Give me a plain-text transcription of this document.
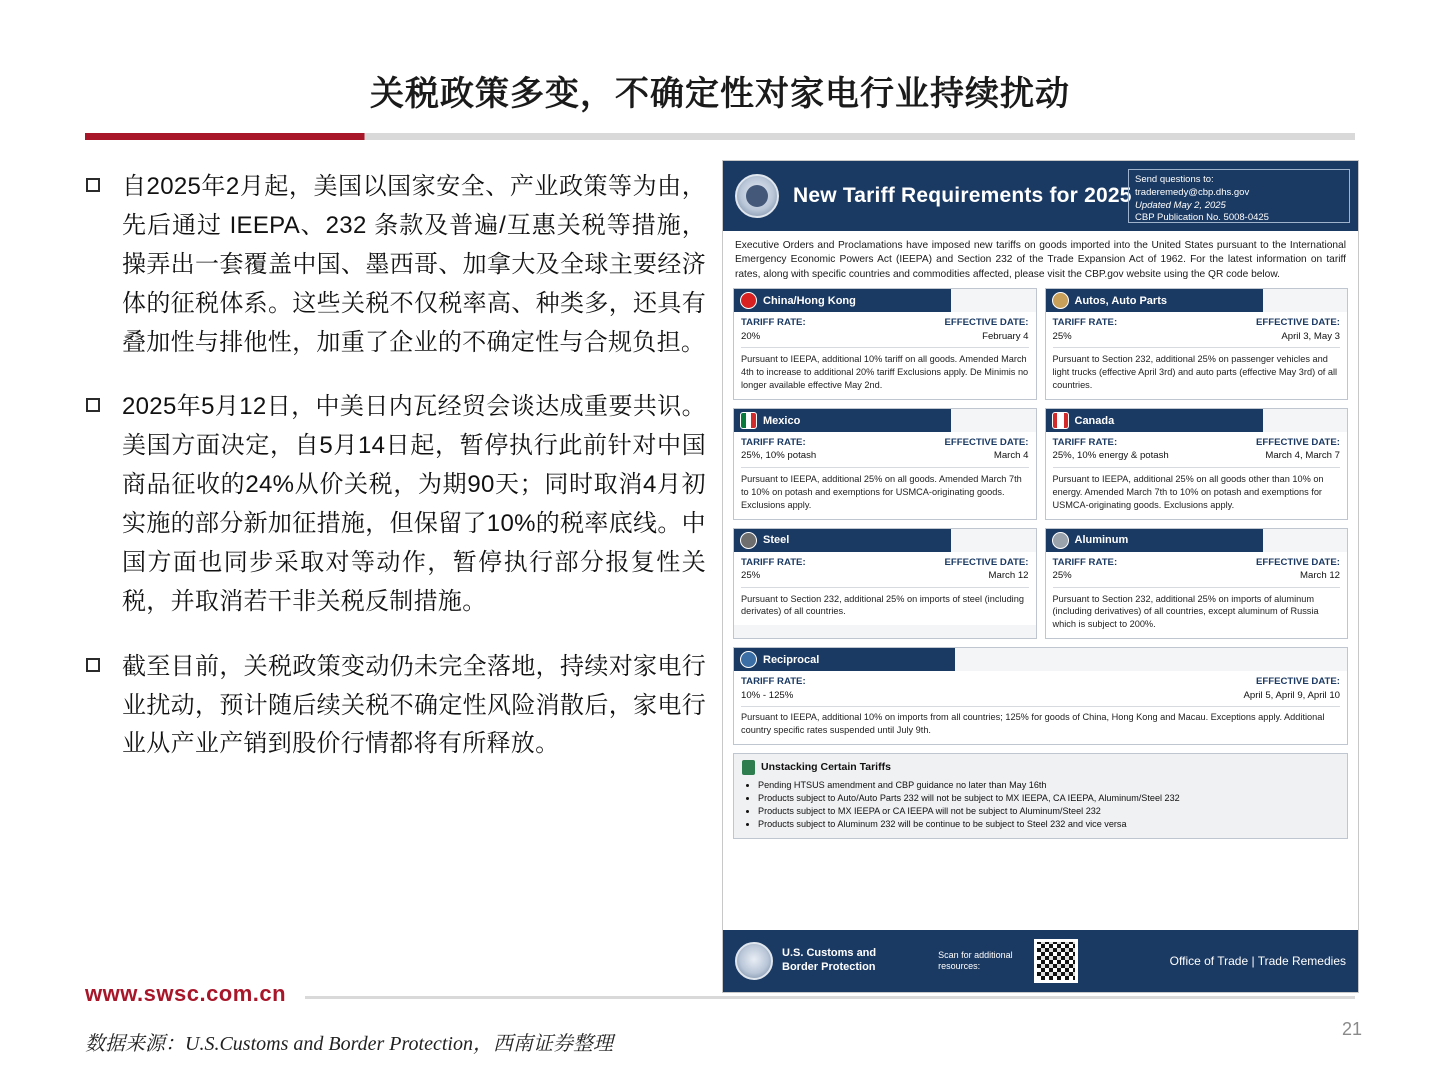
关税政策多变，不确定性对家电行业持续扰动
自2025年2月起，美国以国家安全、产业政策等为由，先后通过 IEEPA、232 条款及普遍/互惠关税等措施，操弄出一套覆盖中国、墨西哥、加拿大及全球主要经济体的征税体系。这些关税不仅税率高、种类多，还具有叠加性与排他性，加重了企业的不确定性与合规负担。
2025年5月12日，中美日内瓦经贸会谈达成重要共识。美国方面决定，自5月14日起，暂停执行此前针对中国商品征收的24%从价关税，为期90天；同时取消4月初实施的部分新加征措施，但保留了10%的税率底线。中国方面也同步采取对等动作，暂停执行部分报复性关税，并取消若干非关税反制措施。
截至目前，关税政策变动仍未完全落地，持续对家电行业扰动，预计随后续关税不确定性风险消散后，家电行业从产业产销到股价行情都将有所释放。
New Tariff Requirements for 2025
Send questions to:
traderemedy@cbp.dhs.gov
Updated May 2, 2025
CBP Publication No. 5008-0425
Executive Orders and Proclamations have imposed new tariffs on goods imported into the United States pursuant to the International Emergency Economic Powers Act (IEEPA) and Section 232 of the Trade Expansion Act of 1962. For the latest information on tariff rates, along with specific countries and commodities affected, please visit the CBP.gov website using the QR code below.
China/Hong Kong
TARIFF RATE:
20%
EFFECTIVE DATE:
February 4
Pursuant to IEEPA, additional 10% tariff on all goods. Amended March 4th to increase to additional 20% tariff Exclusions apply. De Minimis no longer available effective May 2nd.
Autos, Auto Parts
TARIFF RATE:
25%
EFFECTIVE DATE:
April 3, May 3
Pursuant to Section 232, additional 25% on passenger vehicles and light trucks (effective April 3rd) and auto parts (effective May 3rd) of all countries.
Mexico
TARIFF RATE:
25%, 10% potash
EFFECTIVE DATE:
March 4
Pursuant to IEEPA, additional 25% on all goods. Amended March 7th to 10% on potash and exemptions for USMCA-originating goods. Exclusions apply.
Canada
TARIFF RATE:
25%, 10% energy & potash
EFFECTIVE DATE:
March 4, March 7
Pursuant to IEEPA, additional 25% on all goods other than 10% on energy. Amended March 7th to 10% on potash and exemptions for USMCA-originating goods. Exclusions apply.
Steel
TARIFF RATE:
25%
EFFECTIVE DATE:
March 12
Pursuant to Section 232, additional 25% on imports of steel (including derivates) of all countries.
Aluminum
TARIFF RATE:
25%
EFFECTIVE DATE:
March 12
Pursuant to Section 232, additional 25% on imports of aluminum (including derivatives) of all countries, except aluminum of Russia which is subject to 200%.
Reciprocal
TARIFF RATE:
10% - 125%
EFFECTIVE DATE:
April 5, April 9, April 10
Pursuant to IEEPA, additional 10% on imports from all countries; 125% for goods of China, Hong Kong and Macau. Exceptions apply. Additional country specific rates suspended until July 9th.
Unstacking Certain Tariffs
• Pending HTSUS amendment and CBP guidance no later than May 16th
• Products subject to Auto/Auto Parts 232 will not be subject to MX IEEPA, CA IEEPA, Aluminum/Steel 232
• Products subject to MX IEEPA or CA IEEPA will not be subject to Aluminum/Steel 232
• Products subject to Aluminum 232 will be continue to be subject to Steel 232 and vice versa
U.S. Customs and
Border Protection
Scan for additional
resources:	Office of Trade | Trade Remedies
www.swsc.com.cn
数据来源：U.S.Customs and Border Protection，西南证券整理
21
